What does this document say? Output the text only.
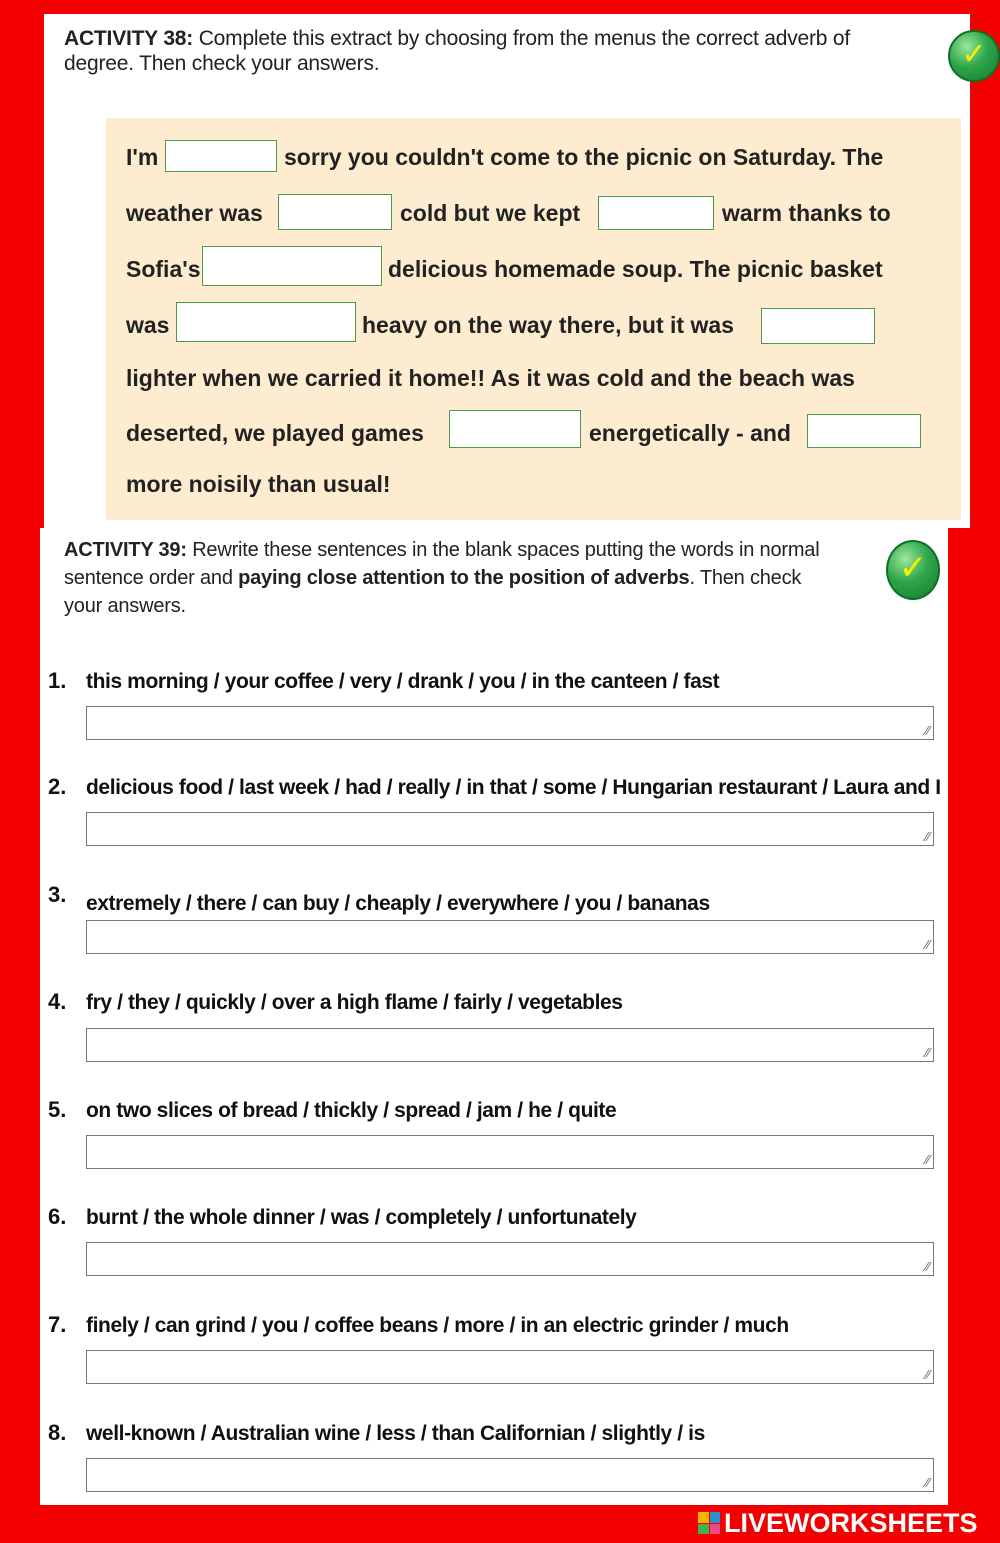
ACTIVITY 38: Complete this extract by choosing from the menus the correct adverb of
degree. Then check your answers.	✓
I'm	sorry you couldn't come to the picnic on Saturday. The
weather was	cold but we kept	warm thanks to
Sofia's	delicious homemade soup. The picnic basket
was	heavy on the way there, but it was
lighter when we carried it home!! As it was cold and the beach was
deserted, we played games	energetically - and
more noisily than usual!
ACTIVITY 39: Rewrite these sentences in the blank spaces putting the words in normal
sentence order and paying close attention to the position of adverbs. Then check
your answers.
✓
1. this morning / your coffee / very / drank / you / in the canteen / fast
⁄⁄
2. delicious food / last week / had / really / in that / some / Hungarian restaurant / Laura and I
⁄⁄
3. extremely / there / can buy / cheaply / everywhere / you / bananas
⁄⁄
4. fry / they / quickly / over a high flame / fairly / vegetables
⁄⁄
5. on two slices of bread / thickly / spread / jam / he / quite
⁄⁄
6. burnt / the whole dinner / was / completely / unfortunately
⁄⁄
7. finely / can grind / you / coffee beans / more / in an electric grinder / much
⁄⁄
8. well-known / Australian wine / less / than Californian / slightly / is
⁄⁄
LIVEWORKSHEETS
